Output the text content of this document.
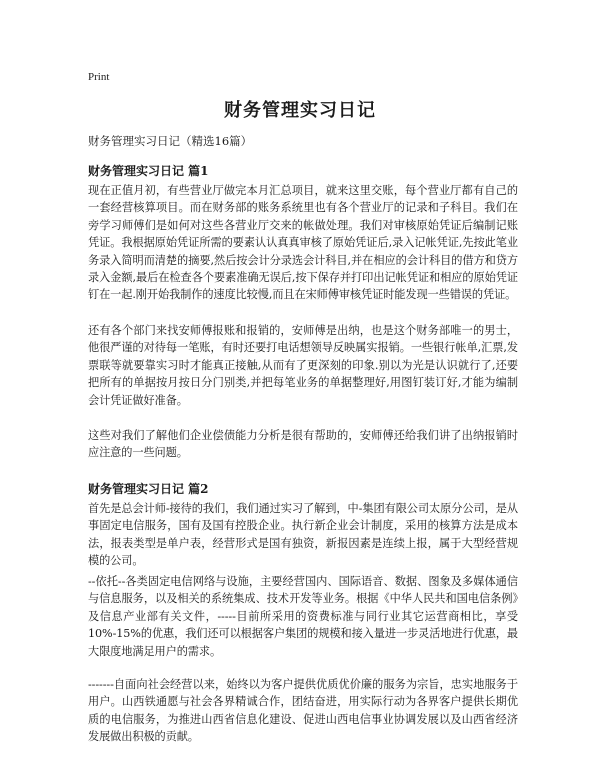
Print
财务管理实习日记
财务管理实习日记（精选16篇）
财务管理实习日记 篇1

现在正值月初，有些营业厅做完本月汇总项目，就来这里交账，每个营业厅都有自己的一套经营核算项目。而在财务部的账务系统里也有各个营业厅的记录和子科目。我们在旁学习师傅们是如何对这些各营业厅交来的帐做处理。我们对审核原始凭证后编制记账凭证。我根据原始凭证所需的要素认认真真审核了原始凭证后,录入记帐凭证,先按此笔业务录入简明而清楚的摘要,然后按会计分录选会计科目,并在相应的会计科目的借方和贷方录入金额,最后在检查各个要素准确无误后,按下保存并打印出记帐凭证和相应的原始凭证钉在一起.刚开始我制作的速度比较慢,而且在宋师傅审核凭证时能发现一些错误的凭证。

还有各个部门来找安师傅报账和报销的，安师傅是出纳，也是这个财务部唯一的男士，他很严谨的对待每一笔账，有时还要打电话想领导反映属实报销。一些银行帐单,汇票,发票联等就要靠实习时才能真正接触,从而有了更深刻的印象.别以为光是认识就行了,还要把所有的单据按月按日分门别类,并把每笔业务的单据整理好,用图钉装订好,才能为编制会计凭证做好准备。

这些对我们了解他们企业偿债能力分析是很有帮助的，安师傅还给我们讲了出纳报销时应注意的一些问题。

财务管理实习日记 篇2

首先是总会计师-接待的我们，我们通过实习了解到，中-集团有限公司太原分公司，是从事固定电信服务，国有及国有控股企业。执行新企业会计制度，采用的核算方法是成本法，报表类型是单户表，经营形式是国有独资，新报因素是连续上报，属于大型经营规模的公司。

--依托--各类固定电信网络与设施，主要经营国内、国际语音、数据、图象及多媒体通信与信息服务，以及相关的系统集成、技术开发等业务。根据《中华人民共和国电信条例》及信息产业部有关文件，-----目前所采用的资费标准与同行业其它运营商相比，享受10%-15%的优惠，我们还可以根据客户集团的规模和接入量进一步灵活地进行优惠，最大限度地满足用户的需求。

-------自面向社会经营以来，始终以为客户提供优质优价廉的服务为宗旨，忠实地服务于用户。山西铁通愿与社会各界精诚合作，团结奋进，用实际行动为各界客户提供长期优质的电信服务，为推进山西省信息化建设、促进山西电信事业协调发展以及山西省经济发展做出积极的贡献。
